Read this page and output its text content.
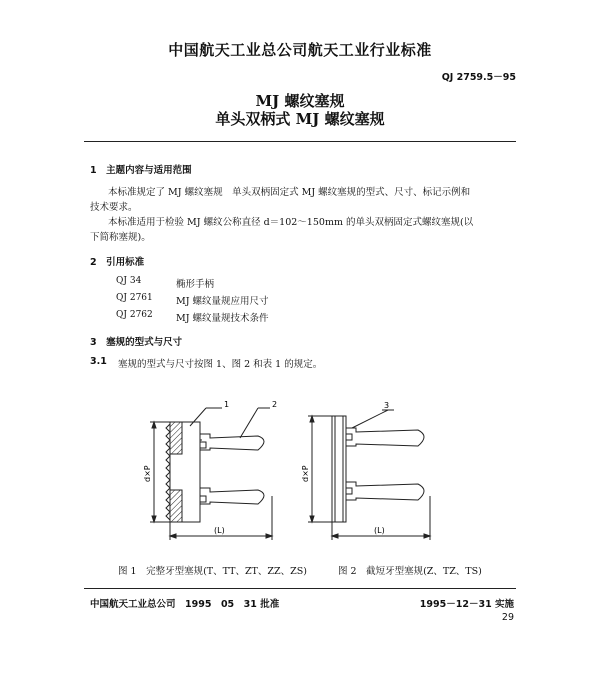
中国航天工业总公司航天工业行业标准
QJ 2759.5－95
MJ 螺纹塞规
单头双柄式 MJ 螺纹塞规
1　主题内容与适用范围
本标准规定了 MJ 螺纹塞规　单头双柄固定式 MJ 螺纹塞规的型式、尺寸、标记示例和
技术要求。
本标准适用于检验 MJ 螺纹公称直径 d＝102～150mm 的单头双柄固定式螺纹塞规(以
下简称塞规)。
2　引用标准
QJ 34	椭形手柄
QJ 2761 MJ 螺纹量规应用尺寸
QJ 2762 MJ 螺纹量规技术条件
3　塞规的型式与尺寸
3.1 塞规的型式与尺寸按图 1、图 2 和表 1 的规定。
1	2
d×P
(L)
3
d×P
(L)
图 1　完整牙型塞规(T、TT、ZT、ZZ、ZS)	图 2　截短牙型塞规(Z、TZ、TS)
中国航天工业总公司　1995　05　31 批准	1995－12－31 实施
29
